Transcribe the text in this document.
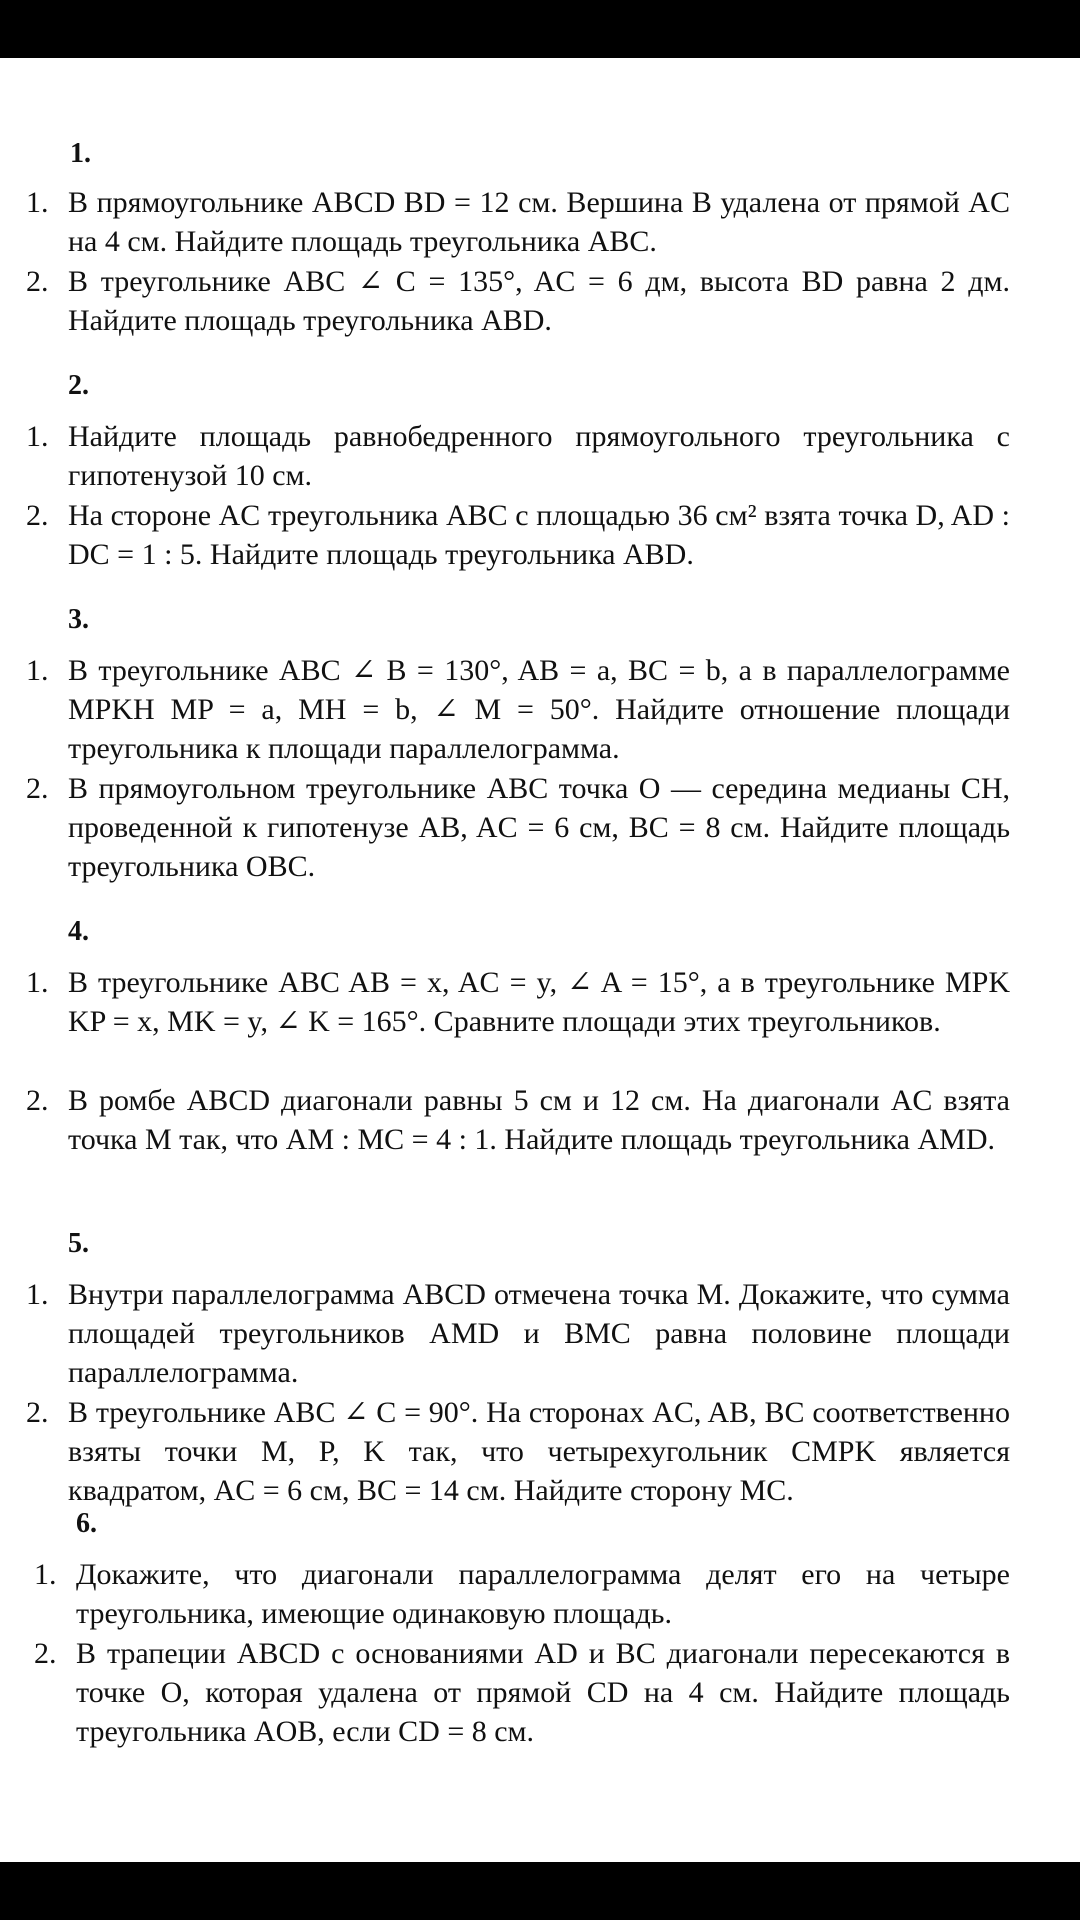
1.
1. В прямоугольнике ABCD BD = 12 см. Вершина B удалена от прямой AC на 4 см. Найдите площадь треугольника ABC.
2. В треугольнике ABC ∠ C = 135°, AC = 6 дм, высота BD равна 2 дм. Найдите площадь треугольника ABD.
2.
1. Найдите площадь равнобедренного прямоугольного треугольника с гипотенузой 10 см.
2. На стороне AC треугольника ABC с площадью 36 см² взята точка D, AD : DC = 1 : 5. Найдите площадь треугольника ABD.
3.
1. В треугольнике ABC ∠ B = 130°, AB = a, BC = b, а в параллелограмме MPKH MP = a, MH = b, ∠ M = 50°. Найдите отношение площади треугольника к площади параллелограмма.
2. В прямоугольном треугольнике ABC точка O — середина медианы CH, проведенной к гипотенузе AB, AC = 6 см, BC = 8 см. Найдите площадь треугольника OBC.
4.
1. В треугольнике ABC AB = x, AC = y, ∠ A = 15°, а в треугольнике MPK KP = x, MK = y, ∠ K = 165°. Сравните площади этих треугольников.
2. В ромбе ABCD диагонали равны 5 см и 12 см. На диагонали AC взята точка M так, что AM : MC = 4 : 1. Найдите площадь треугольника AMD.
5.
1. Внутри параллелограмма ABCD отмечена точка M. Докажите, что сумма площадей треугольников AMD и BMC равна половине площади параллелограмма.
2. В треугольнике ABC ∠ C = 90°. На сторонах AC, AB, BC соответственно взяты точки M, P, K так, что четырехугольник CMPK является квадратом, AC = 6 см, BC = 14 см. Найдите сторону MC.
6.
1. Докажите, что диагонали параллелограмма делят его на четыре треугольника, имеющие одинаковую площадь.
2. В трапеции ABCD с основаниями AD и BC диагонали пересекаются в точке O, которая удалена от прямой CD на 4 см. Найдите площадь треугольника AOB, если CD = 8 см.
